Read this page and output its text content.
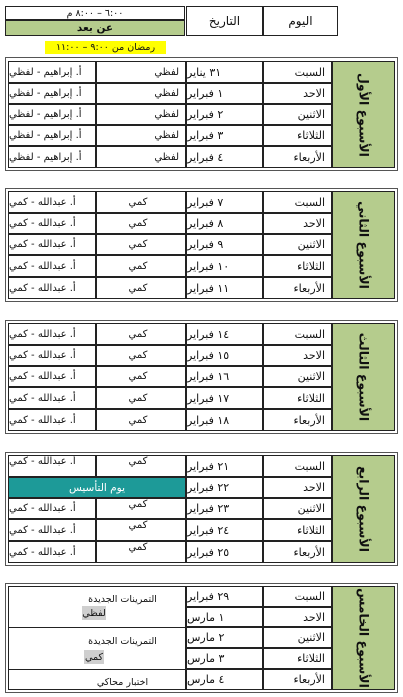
٦:٠٠ – ٨:٠٠ م
عن بعد	التاريخ	اليوم
رمضان من ٩:٠٠ – ١١:٠٠
الأسبوع الأول
السبت
٣١ يناير
لفظي
أ. إبراهيم - لفظي
الاحد
١ فبراير
لفظي
أ. إبراهيم - لفظي
الاثنين
٢ فبراير
لفظي
أ. إبراهيم - لفظي
الثلاثاء
٣ فبراير
لفظي
أ. إبراهيم - لفظي
الأربعاء
٤ فبراير
لفظي
أ. إبراهيم - لفظي
الأسبوع الثاني
السبت
٧ فبراير
كمي
أ. عبدالله - كمي
الاحد
٨ فبراير
كمي
أ. عبدالله - كمي
الاثنين
٩ فبراير
كمي
أ. عبدالله - كمي
الثلاثاء
١٠ فبراير
كمي
أ. عبدالله - كمي
الأربعاء
١١ فبراير
كمي
أ. عبدالله - كمي
الأسبوع الثالث
السبت
١٤ فبراير
كمي
أ. عبدالله - كمي
الاحد
١٥ فبراير
كمي
أ. عبدالله - كمي
الاثنين
١٦ فبراير
كمي
أ. عبدالله - كمي
الثلاثاء
١٧ فبراير
كمي
أ. عبدالله - كمي
الأربعاء
١٨ فبراير
كمي
أ. عبدالله - كمي
الأسبوع الرابع
السبت
٢١ فبراير
كمي
أ. عبدالله - كمي
الاحد
٢٢ فبراير
يوم التأسيس
الاثنين
٢٣ فبراير
كمي
أ. عبدالله - كمي
الثلاثاء
٢٤ فبراير
كمي
أ. عبدالله - كمي
الأربعاء
٢٥ فبراير
كمي
أ. عبدالله - كمي
الأسبوع الخامس
السبت
٢٩ فبراير
الاحد
١ مارس
الاثنين
٢ مارس
الثلاثاء
٣ مارس
الأربعاء
٤ مارس
التمرينات الجديدة
لفظي
التمرينات الجديدة
كمي
اختبار محاكي
